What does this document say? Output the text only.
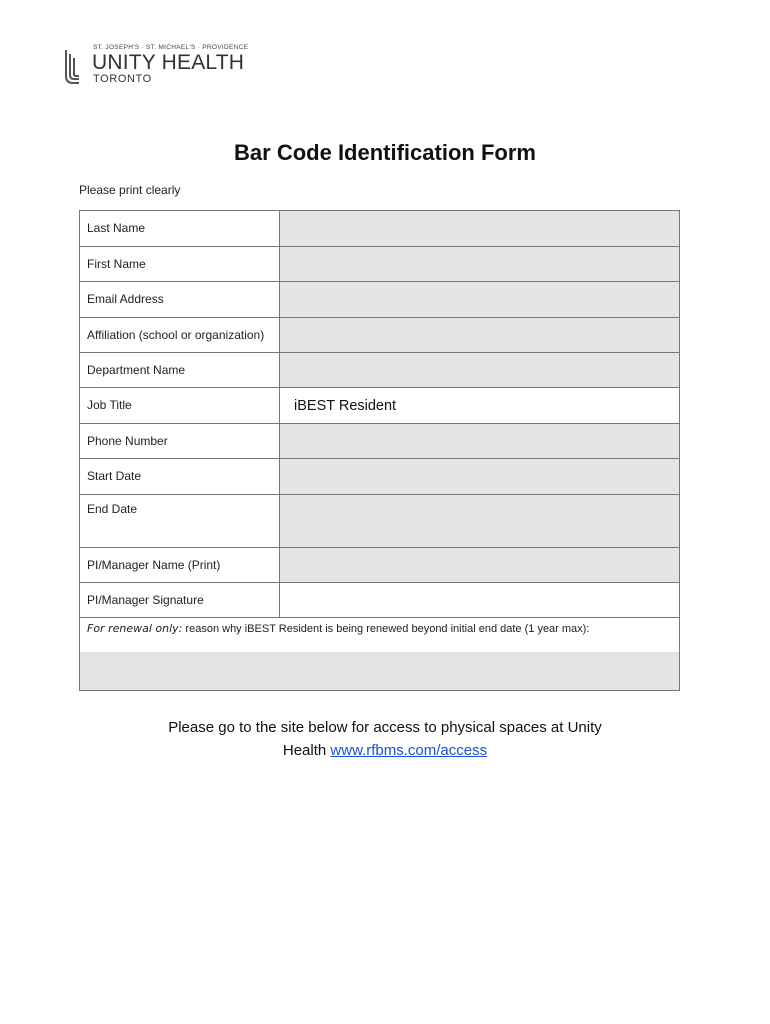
ST. JOSEPH'S · ST. MICHAEL'S · PROVIDENCE
UNITY HEALTH
TORONTO
Bar Code Identification Form
Please print clearly
Last Name
First Name
Email Address
Affiliation (school or organization)
Department Name
Job Title	iBEST Resident
Phone Number
Start Date
End Date
PI/Manager Name (Print)
PI/Manager Signature
For renewal only: reason why iBEST Resident is being renewed beyond initial end date (1 year max):
Please go to the site below for access to physical spaces at Unity
Health www.rfbms.com/access
